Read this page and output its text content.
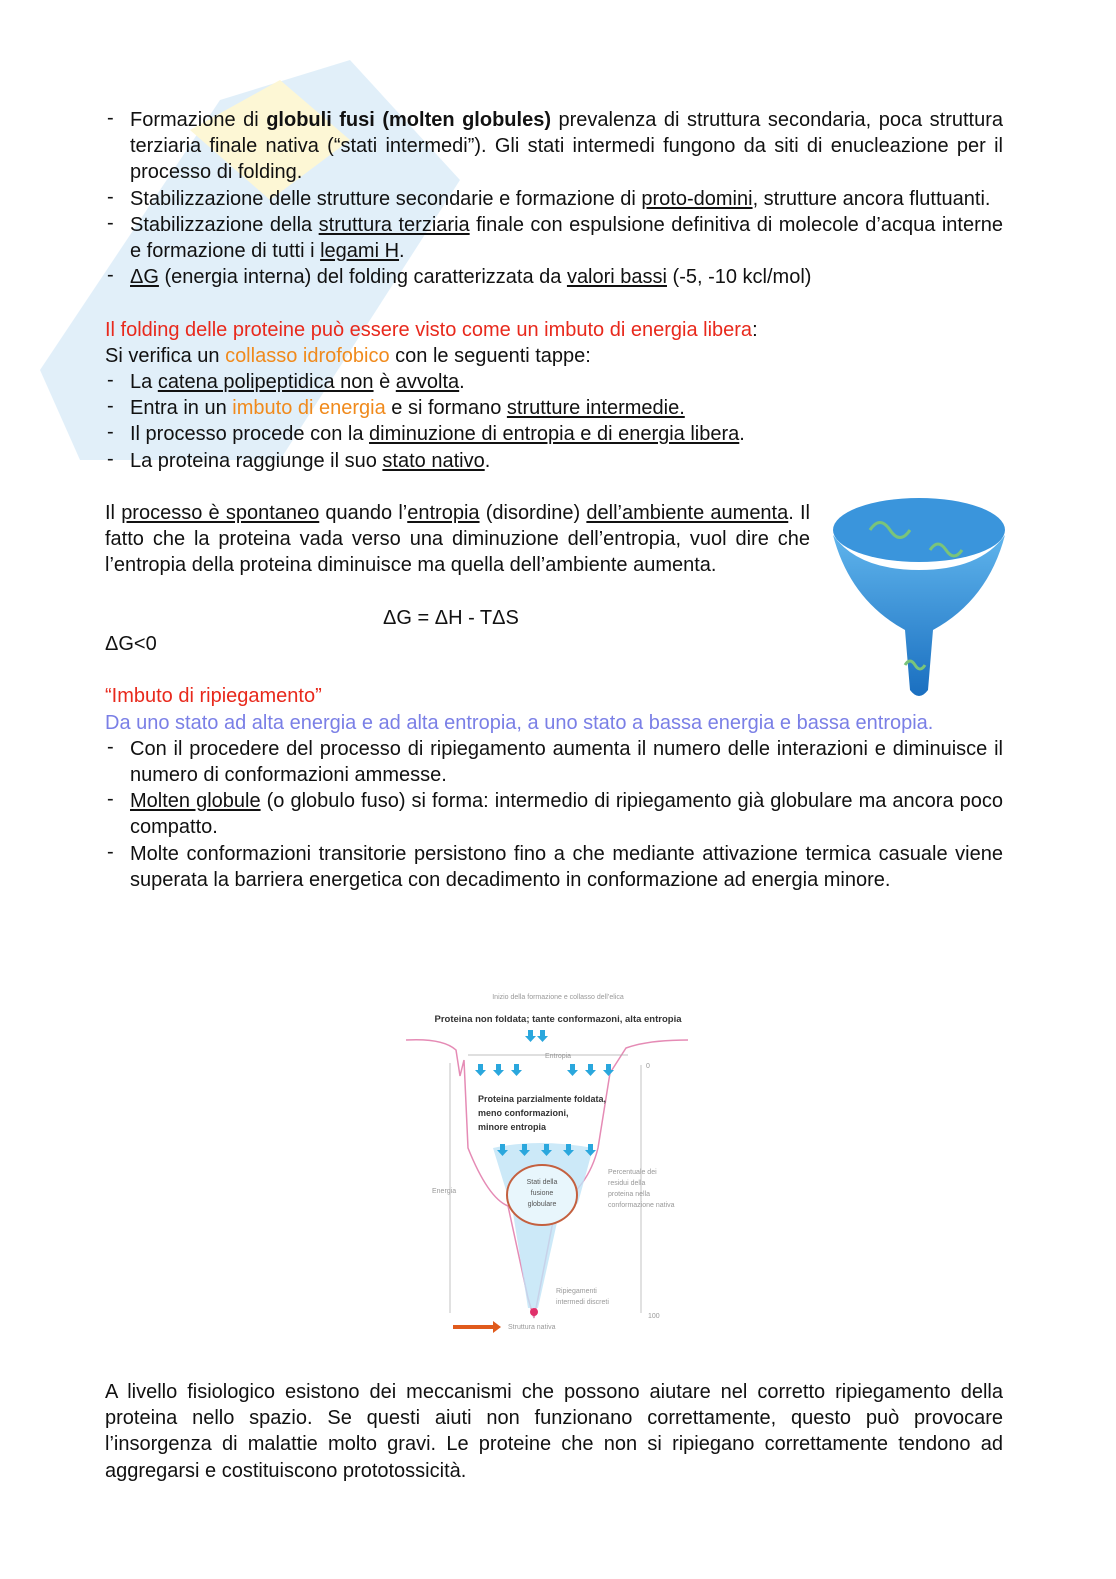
- Formazione di globuli fusi (molten globules) prevalenza di struttura secondaria, poca struttura terziaria finale nativa (“stati intermedi”). Gli stati intermedi fungono da siti di enucleazione per il processo di folding.
- Stabilizzazione delle strutture secondarie e formazione di proto-domini, strutture ancora fluttuanti.
- Stabilizzazione della struttura terziaria finale con espulsione definitiva di molecole d’acqua interne e formazione di tutti i legami H.
- ΔG (energia interna) del folding caratterizzata da valori bassi (-5, -10 kcl/mol)

Il folding delle proteine può essere visto come un imbuto di energia libera:

Si verifica un collasso idrofobico con le seguenti tappe:

- La catena polipeptidica non è avvolta.
- Entra in un imbuto di energia e si formano strutture intermedie.
- Il processo procede con la diminuzione di entropia e di energia libera.
- La proteina raggiunge il suo stato nativo.

Il processo è spontaneo quando l’entropia (disordine) dell’ambiente aumenta. Il fatto che la proteina vada verso una diminuzione dell’entropia, vuol dire che l’entropia della proteina diminuisce ma quella dell’ambiente aumenta.

ΔG = ΔH - TΔS

ΔG<0

“Imbuto di ripiegamento”

Da uno stato ad alta energia e ad alta entropia, a uno stato a bassa energia e bassa entropia.

- Con il procedere del processo di ripiegamento aumenta il numero delle interazioni e diminuisce il numero di conformazioni ammesse.
- Molten globule (o globulo fuso) si forma: intermedio di ripiegamento già globulare ma ancora poco compatto.
- Molte conformazioni transitorie persistono fino a che mediante attivazione termica casuale viene superata la barriera energetica con decadimento in conformazione ad energia minore.
Inizio della formazione e collasso dell’elica
Proteina non foldata; tante conformazoni, alta entropia
Entropia
0
Proteina parzialmente foldata,
meno conformazioni,
minore entropia
Energia
Stati della
fusione
globulare
Percentuale dei
residui della
proteina nella
conformazione nativa
Ripiegamenti
intermedi discreti
100
Struttura nativa

A livello fisiologico esistono dei meccanismi che possono aiutare nel corretto ripiegamento della proteina nello spazio. Se questi aiuti non funzionano correttamente, questo può provocare l’insorgenza di malattie molto gravi. Le proteine che non si ripiegano correttamente tendono ad aggregarsi e costituiscono prototossicità.
